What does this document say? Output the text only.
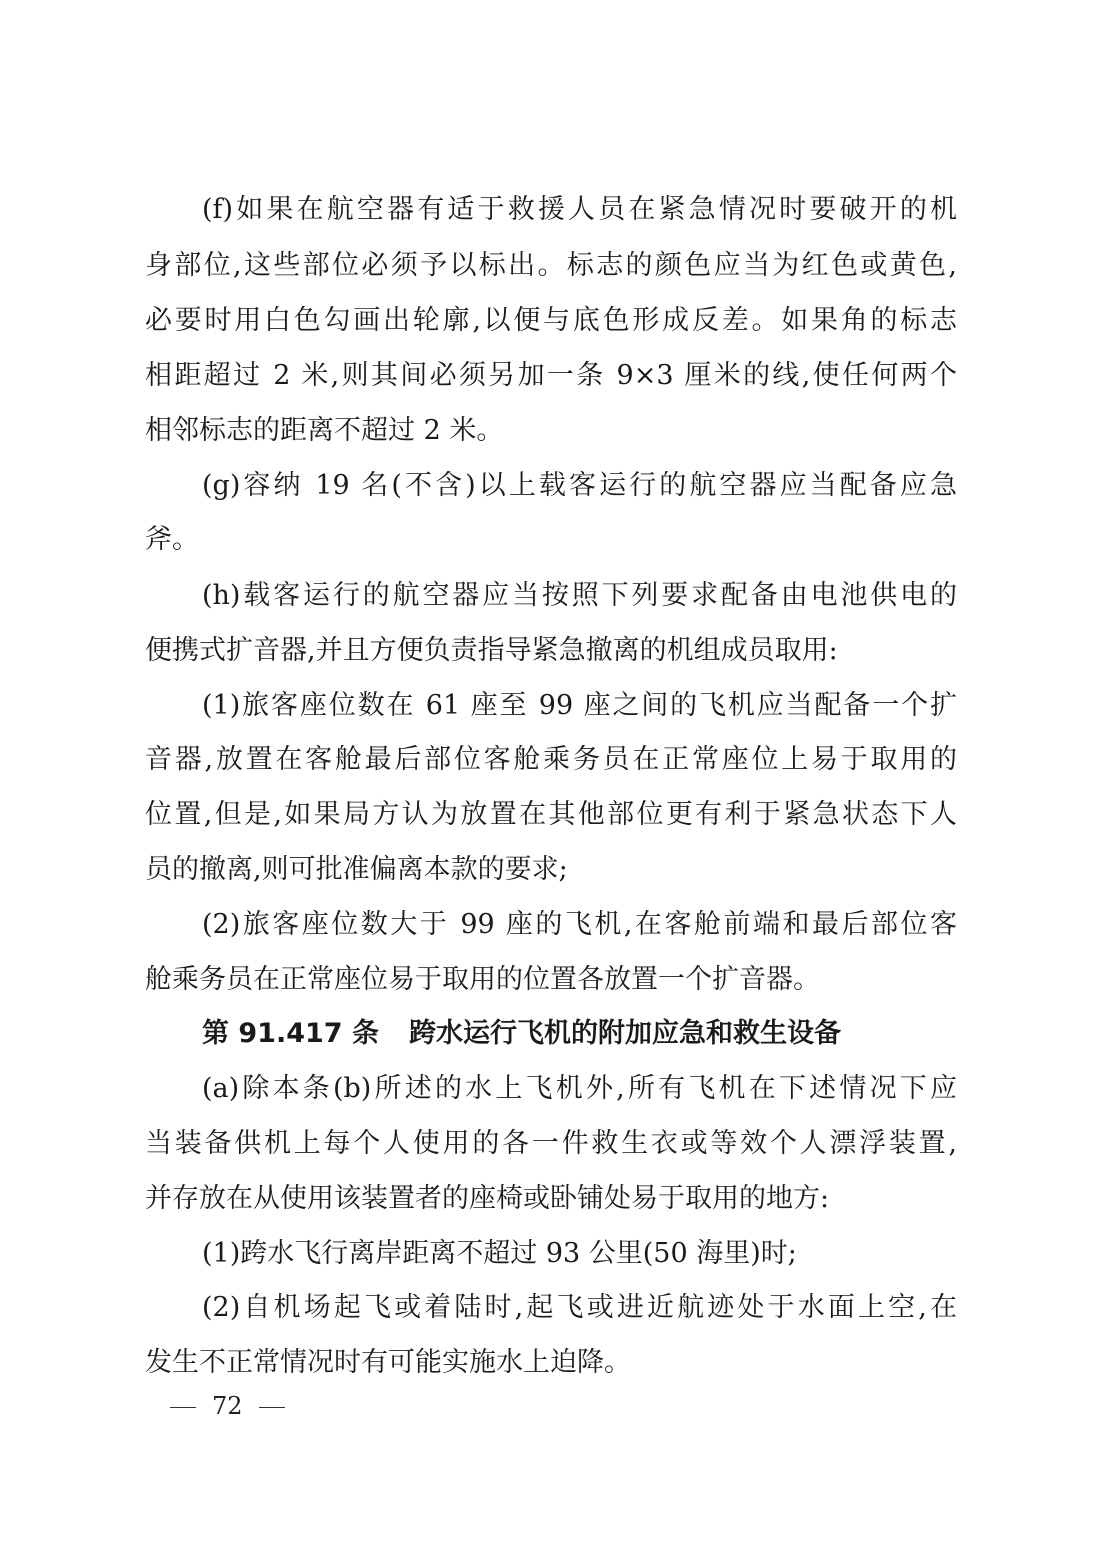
(f)如果在航空器有适于救援人员在紧急情况时要破开的机
身部位,这些部位必须予以标出。标志的颜色应当为红色或黄色,
必要时用白色勾画出轮廓,以便与底色形成反差。如果角的标志
相距超过 2 米,则其间必须另加一条 9×3 厘米的线,使任何两个
相邻标志的距离不超过 2 米。
(g)容纳 19 名(不含)以上载客运行的航空器应当配备应急
斧。
(h)载客运行的航空器应当按照下列要求配备由电池供电的
便携式扩音器,并且方便负责指导紧急撤离的机组成员取用:
(1)旅客座位数在 61 座至 99 座之间的飞机应当配备一个扩
音器,放置在客舱最后部位客舱乘务员在正常座位上易于取用的
位置,但是,如果局方认为放置在其他部位更有利于紧急状态下人
员的撤离,则可批准偏离本款的要求;
(2)旅客座位数大于 99 座的飞机,在客舱前端和最后部位客
舱乘务员在正常座位易于取用的位置各放置一个扩音器。
第 91.417 条 跨水运行飞机的附加应急和救生设备
(a)除本条(b)所述的水上飞机外,所有飞机在下述情况下应
当装备供机上每个人使用的各一件救生衣或等效个人漂浮装置,
并存放在从使用该装置者的座椅或卧铺处易于取用的地方:
(1)跨水飞行离岸距离不超过 93 公里(50 海里)时;
(2)自机场起飞或着陆时,起飞或进近航迹处于水面上空,在
发生不正常情况时有可能实施水上迫降。
72
